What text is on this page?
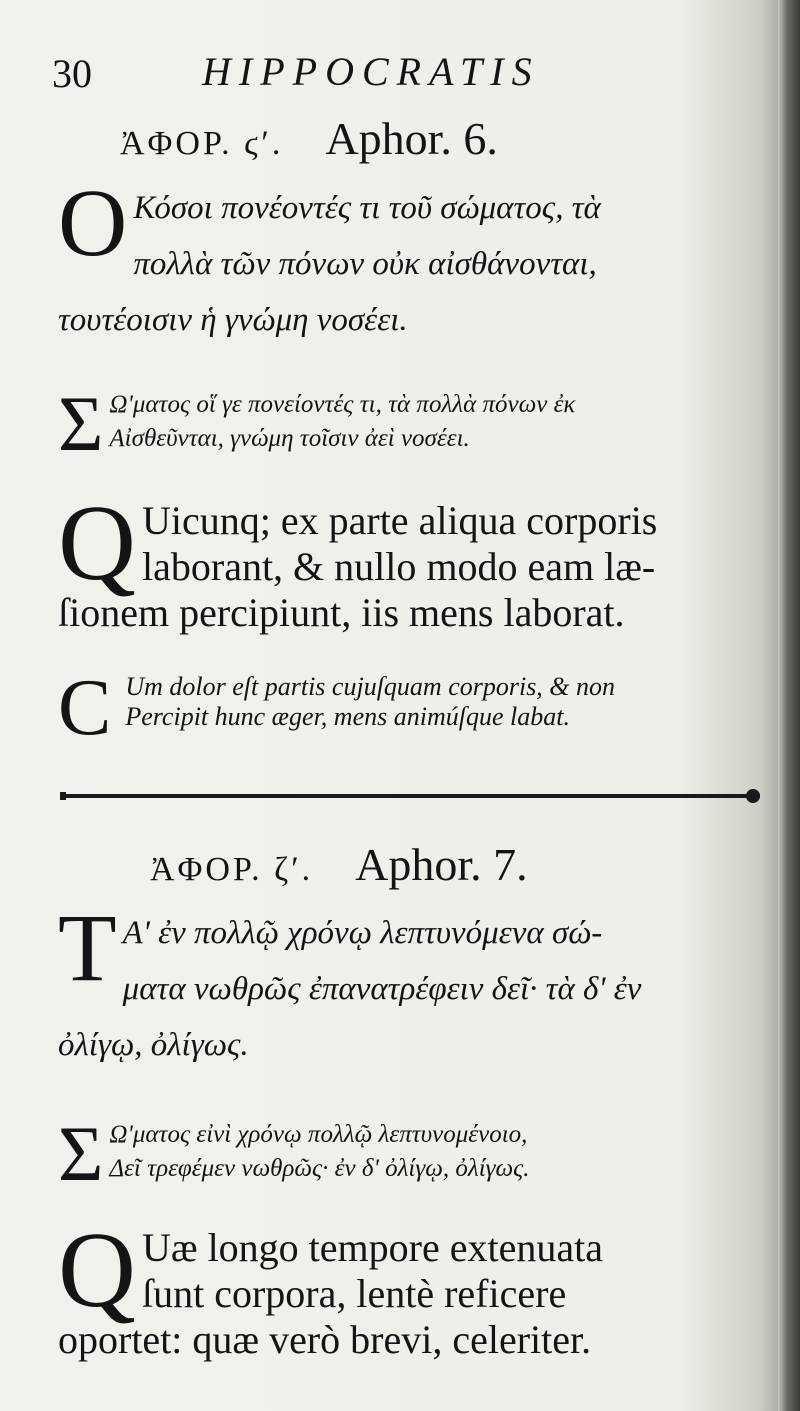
30	HIPPOCRATIS
ἈΦΟΡ. ϛʹ. Aphor. 6.
O Κόσοι πονέοντές τι τοῦ σώματος, τὰ
πολλὰ τῶν πόνων οὐκ αἰσθάνονται,
τουτέοισιν ἡ γνώμη νοσέει.
Σ Ω'ματος οἵ γε πονείοντές τι, τὰ πολλὰ πόνων ἐκ
Αἰσθεῦνται, γνώμη τοῖσιν ἀεὶ νοσέει.
Q Uicunq; ex parte aliqua corporis
laborant, & nullo modo eam læ-
ſionem percipiunt, iis mens laborat.
C Um dolor eſt partis cujuſquam corporis, & non
Percipit hunc æger, mens animúſque labat.
ἈΦΟΡ. ζʹ. Aphor. 7.
T Α' ἐν πολλῷ χρόνῳ λεπτυνόμενα σώ-
ματα νωθρῶς ἐπανατρέφειν δεῖ· τὰ δ' ἐν
ὀλίγῳ, ὀλίγως.
Σ Ω'ματος εἰνὶ χρόνῳ πολλῷ λεπτυνομένοιο,
Δεῖ τρεφέμεν νωθρῶς· ἐν δ' ὀλίγῳ, ὀλίγως.
Q Uæ longo tempore extenuata
ſunt corpora, lentè reficere
oportet: quæ verò brevi, celeriter.
